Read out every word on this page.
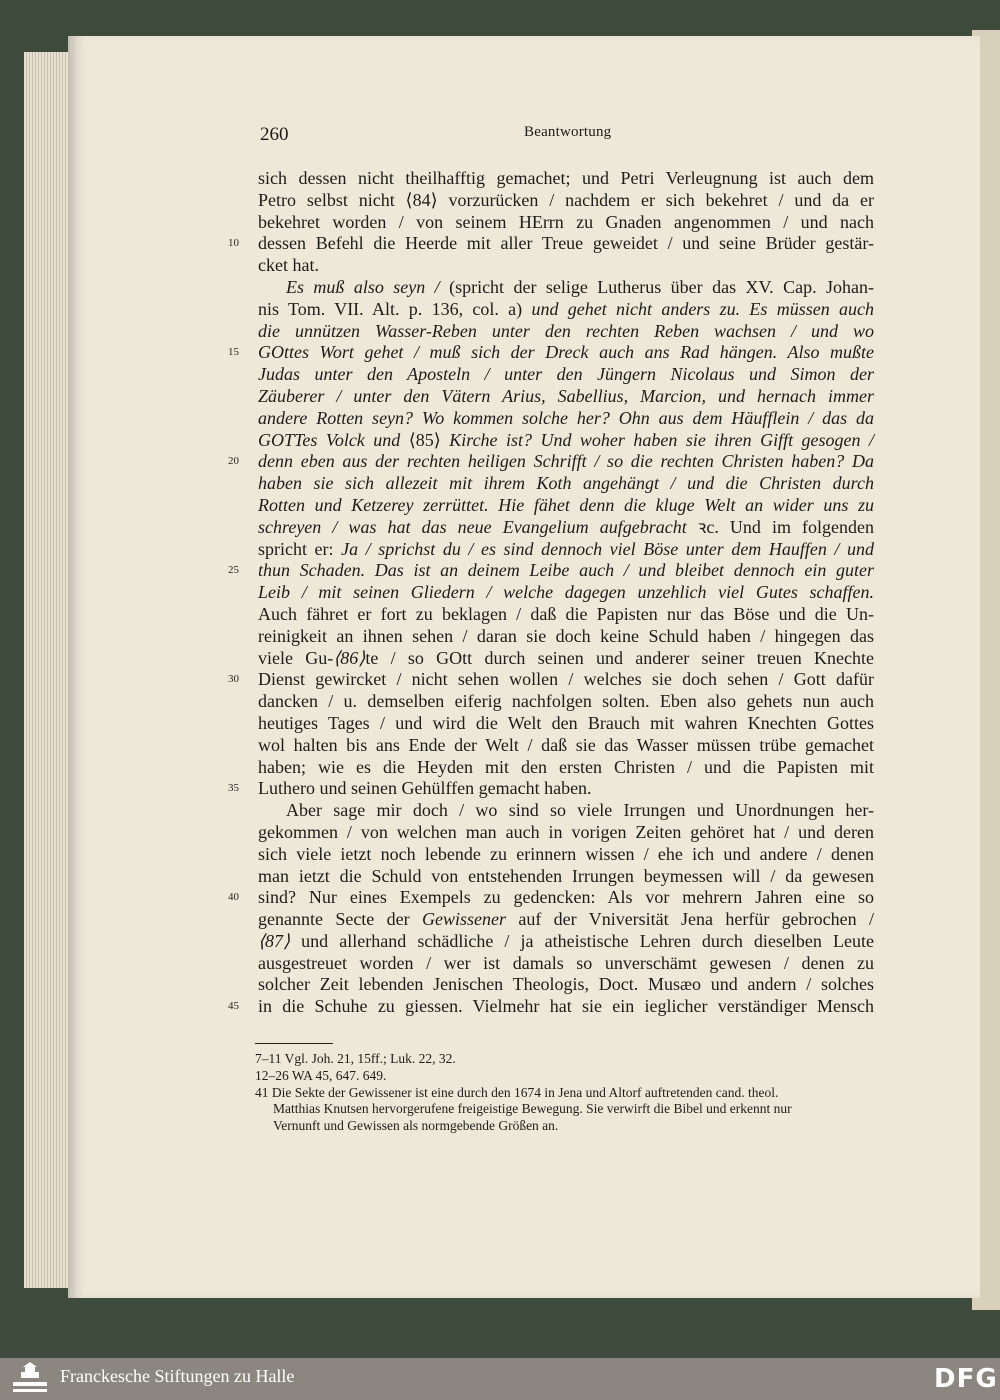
260	Beantwortung
sich dessen nicht theilhafftig gemachet; und Petri Verleugnung ist auch dem
Petro selbst nicht ⟨84⟩ vorzurücken / nachdem er sich bekehret / und da er
bekehret worden / von seinem HErrn zu Gnaden angenommen / und nach
10	dessen Befehl die Heerde mit aller Treue geweidet / und seine Brüder gestär-
cket hat.
Es muß also seyn / (spricht der selige Lutherus über das XV. Cap. Johan-
nis Tom. VII. Alt. p. 136, col. a) und gehet nicht anders zu. Es müssen auch
die unnützen Wasser-Reben unter den rechten Reben wachsen / und wo
15	GOttes Wort gehet / muß sich der Dreck auch ans Rad hängen. Also mußte
Judas unter den Aposteln / unter den Jüngern Nicolaus und Simon der
Zäuberer / unter den Vätern Arius, Sabellius, Marcion, und hernach immer
andere Rotten seyn? Wo kommen solche her? Ohn aus dem Häufflein / das da
GOTTes Volck und ⟨85⟩ Kirche ist? Und woher haben sie ihren Gifft gesogen /
20	denn eben aus der rechten heiligen Schrifft / so die rechten Christen haben? Da
haben sie sich allezeit mit ihrem Koth angehängt / und die Christen durch
Rotten und Ketzerey zerrüttet. Hie fähet denn die kluge Welt an wider uns zu
schreyen / was hat das neue Evangelium aufgebracht ꝛc. Und im folgenden
spricht er: Ja / sprichst du / es sind dennoch viel Böse unter dem Hauffen / und
25	thun Schaden. Das ist an deinem Leibe auch / und bleibet dennoch ein guter
Leib / mit seinen Gliedern / welche dagegen unzehlich viel Gutes schaffen.
Auch fähret er fort zu beklagen / daß die Papisten nur das Böse und die Un-
reinigkeit an ihnen sehen / daran sie doch keine Schuld haben / hingegen das
viele Gu-⟨86⟩te / so GOtt durch seinen und anderer seiner treuen Knechte
30	Dienst gewircket / nicht sehen wollen / welches sie doch sehen / Gott dafür
dancken / u. demselben eiferig nachfolgen solten. Eben also gehets nun auch
heutiges Tages / und wird die Welt den Brauch mit wahren Knechten Gottes
wol halten bis ans Ende der Welt / daß sie das Wasser müssen trübe gemachet
haben; wie es die Heyden mit den ersten Christen / und die Papisten mit
35	Luthero und seinen Gehülffen gemacht haben.
Aber sage mir doch / wo sind so viele Irrungen und Unordnungen her-
gekommen / von welchen man auch in vorigen Zeiten gehöret hat / und deren
sich viele ietzt noch lebende zu erinnern wissen / ehe ich und andere / denen
man ietzt die Schuld von entstehenden Irrungen beymessen will / da gewesen
40	sind? Nur eines Exempels zu gedencken: Als vor mehrern Jahren eine so
genannte Secte der Gewissener auf der Vniversität Jena herfür gebrochen /
⟨87⟩ und allerhand schädliche / ja atheistische Lehren durch dieselben Leute
ausgestreuet worden / wer ist damals so unverschämt gewesen / denen zu
solcher Zeit lebenden Jenischen Theologis, Doct. Musæo und andern / solches
45	in die Schuhe zu giessen. Vielmehr hat sie ein ieglicher verständiger Mensch
7–11 Vgl. Joh. 21, 15ff.; Luk. 22, 32.
12–26 WA 45, 647. 649.
41 Die Sekte der Gewissener ist eine durch den 1674 in Jena und Altorf auftretenden cand. theol.
Matthias Knutsen hervorgerufene freigeistige Bewegung. Sie verwirft die Bibel und erkennt nur
Vernunft und Gewissen als normgebende Größen an.
Franckesche Stiftungen zu Halle	DFG
